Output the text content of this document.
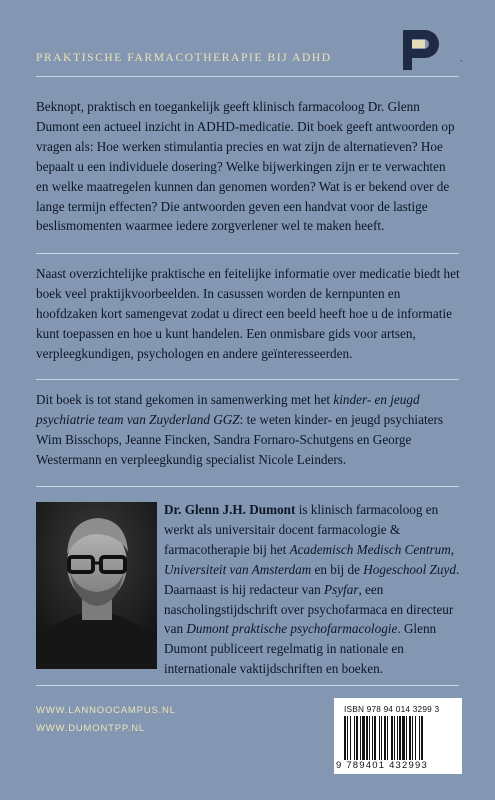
PRAKTISCHE FARMACOTHERAPIE BIJ ADHD	◦

Beknopt, praktisch en toegankelijk geeft klinisch farmacoloog Dr. Glenn Dumont een actueel inzicht in ADHD-medicatie. Dit boek geeft antwoorden op vragen als: Hoe werken stimulantia precies en wat zijn de alternatieven? Hoe bepaalt u een individuele dosering? Welke bijwerkingen zijn er te verwachten en welke maatregelen kunnen dan genomen worden? Wat is er bekend over de lange termijn effecten? Die antwoorden geven een handvat voor de lastige beslismomenten waarmee iedere zorgverlener wel te maken heeft.

Naast overzichtelijke praktische en feitelijke informatie over medicatie biedt het boek veel praktijkvoorbeelden. In casussen worden de kernpunten en hoofdzaken kort samengevat zodat u direct een beeld heeft hoe u de informatie kunt toepassen en hoe u kunt handelen. Een onmisbare gids voor artsen, verpleegkundigen, psychologen en andere geïnteresseerden.

Dit boek is tot stand gekomen in samenwerking met het kinder- en jeugd psychiatrie team van Zuyderland GGZ: te weten kinder- en jeugd psychiaters Wim Bisschops, Jeanne Fincken, Sandra Fornaro-Schutgens en George Westermann en verpleegkundig specialist Nicole Leinders.

Dr. Glenn J.H. Dumont is klinisch farmacoloog en werkt als universitair docent farmacologie & farmacotherapie bij het Academisch Medisch Centrum, Universiteit van Amsterdam en bij de Hogeschool Zuyd. Daarnaast is hij redacteur van Psyfar, een nascholingstijdschrift over psychofarmaca en directeur van Dumont praktische psychofarmacologie. Glenn Dumont publiceert regelmatig in nationale en internationale vaktijdschriften en boeken.

WWW.LANNOOCAMPUS.NL
WWW.DUMONTPP.NL
ISBN 978 94 014 3299 3
9 789401 432993
